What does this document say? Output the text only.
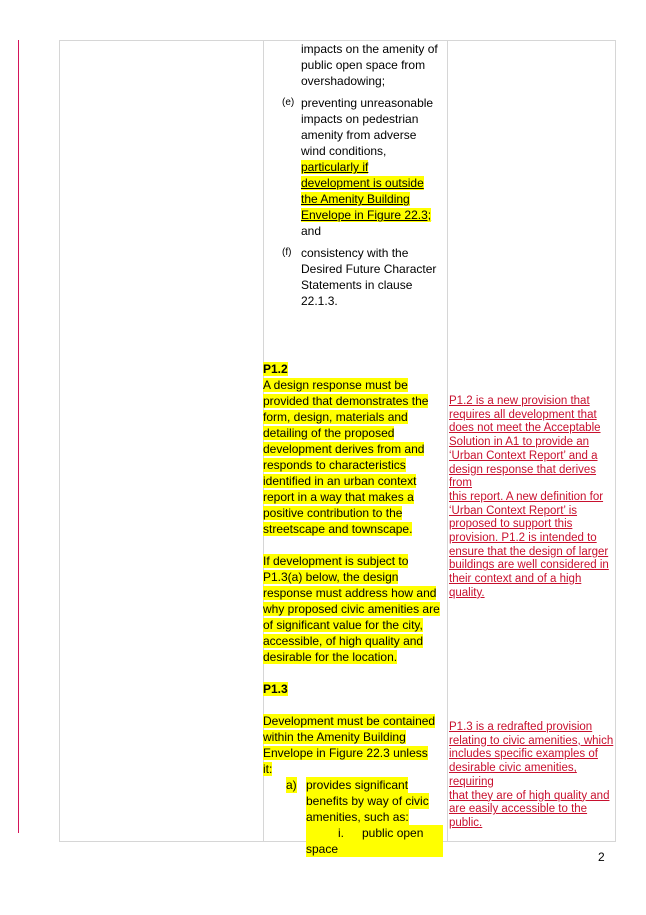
impacts on the amenity of
public open space from
overshadowing;
(e) preventing unreasonable
impacts on pedestrian
amenity from adverse
wind conditions,
particularly if
development is outside
the Amenity Building
Envelope in Figure 22.3;
and
(f) consistency with the
Desired Future Character
Statements in clause
22.1.3.
P1.2
A design response must be
provided that demonstrates the
form, design, materials and
detailing of the proposed
development derives from and
responds to characteristics
identified in an urban context
report in a way that makes a
positive contribution to the
streetscape and townscape.
If development is subject to
P1.3(a) below, the design
response must address how and
why proposed civic amenities are
of significant value for the city,
accessible, of high quality and
desirable for the location.
P1.3
Development must be contained
within the Amenity Building
Envelope in Figure 22.3 unless
it:
a) provides significant
benefits by way of civic
amenities, such as:
i. public open space
P1.2 is a new provision that
requires all development that
does not meet the Acceptable
Solution in A1 to provide an
‘Urban Context Report’ and a
design response that derives from
this report. A new definition for
‘Urban Context Report’ is
proposed to support this
provision. P1.2 is intended to
ensure that the design of larger
buildings are well considered in
their context and of a high quality.
P1.3 is a redrafted provision
relating to civic amenities, which
includes specific examples of
desirable civic amenities, requiring
that they are of high quality and
are easily accessible to the public.
2
